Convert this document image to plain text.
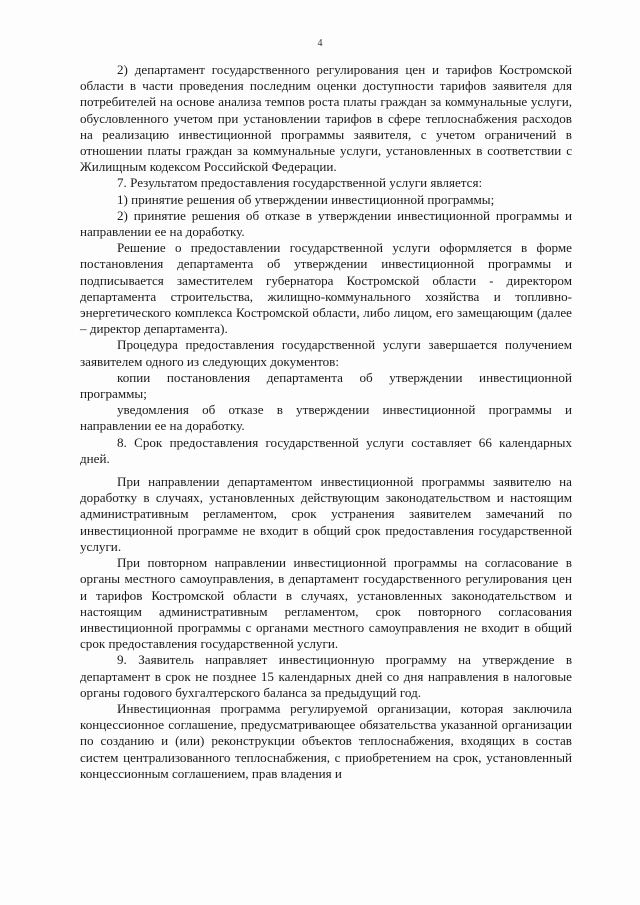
4

2) департамент государственного регулирования цен и тарифов Костромской области в части проведения последним оценки доступности тарифов заявителя для потребителей на основе анализа темпов роста платы граждан за коммунальные услуги, обусловленного учетом при установлении тарифов в сфере теплоснабжения расходов на реализацию инвестиционной программы заявителя, с учетом ограничений в отношении платы граждан за коммунальные услуги, установленных в соответствии с Жилищным кодексом Российской Федерации.

7. Результатом предоставления государственной услуги является:

1) принятие решения об утверждении инвестиционной программы;

2) принятие решения об отказе в утверждении инвестиционной программы и направлении ее на доработку.

Решение о предоставлении государственной услуги оформляется в форме постановления департамента об утверждении инвестиционной программы и подписывается заместителем губернатора Костромской области - директором департамента строительства, жилищно-коммунального хозяйства и топливно-энергетического комплекса Костромской области, либо лицом, его замещающим (далее – директор департамента).

Процедура предоставления государственной услуги завершается получением заявителем одного из следующих документов:

копии постановления департамента об утверждении инвестиционной программы;

уведомления об отказе в утверждении инвестиционной программы и направлении ее на доработку.

8. Срок предоставления государственной услуги составляет 66 календарных дней.

При направлении департаментом инвестиционной программы заявителю на доработку в случаях, установленных действующим законодательством и настоящим административным регламентом, срок устранения заявителем замечаний по инвестиционной программе не входит в общий срок предоставления государственной услуги.

При повторном направлении инвестиционной программы на согласование в органы местного самоуправления, в департамент государственного регулирования цен и тарифов Костромской области в случаях, установленных законодательством и настоящим административным регламентом, срок повторного согласования инвестиционной программы с органами местного самоуправления не входит в общий срок предоставления государственной услуги.

9. Заявитель направляет инвестиционную программу на утверждение в департамент в срок не позднее 15 календарных дней со дня направления в налоговые органы годового бухгалтерского баланса за предыдущий год.

Инвестиционная программа регулируемой организации, которая заключила концессионное соглашение, предусматривающее обязательства указанной организации по созданию и (или) реконструкции объектов теплоснабжения, входящих в состав систем централизованного теплоснабжения, с приобретением на срок, установленный концессионным соглашением, прав владения и
